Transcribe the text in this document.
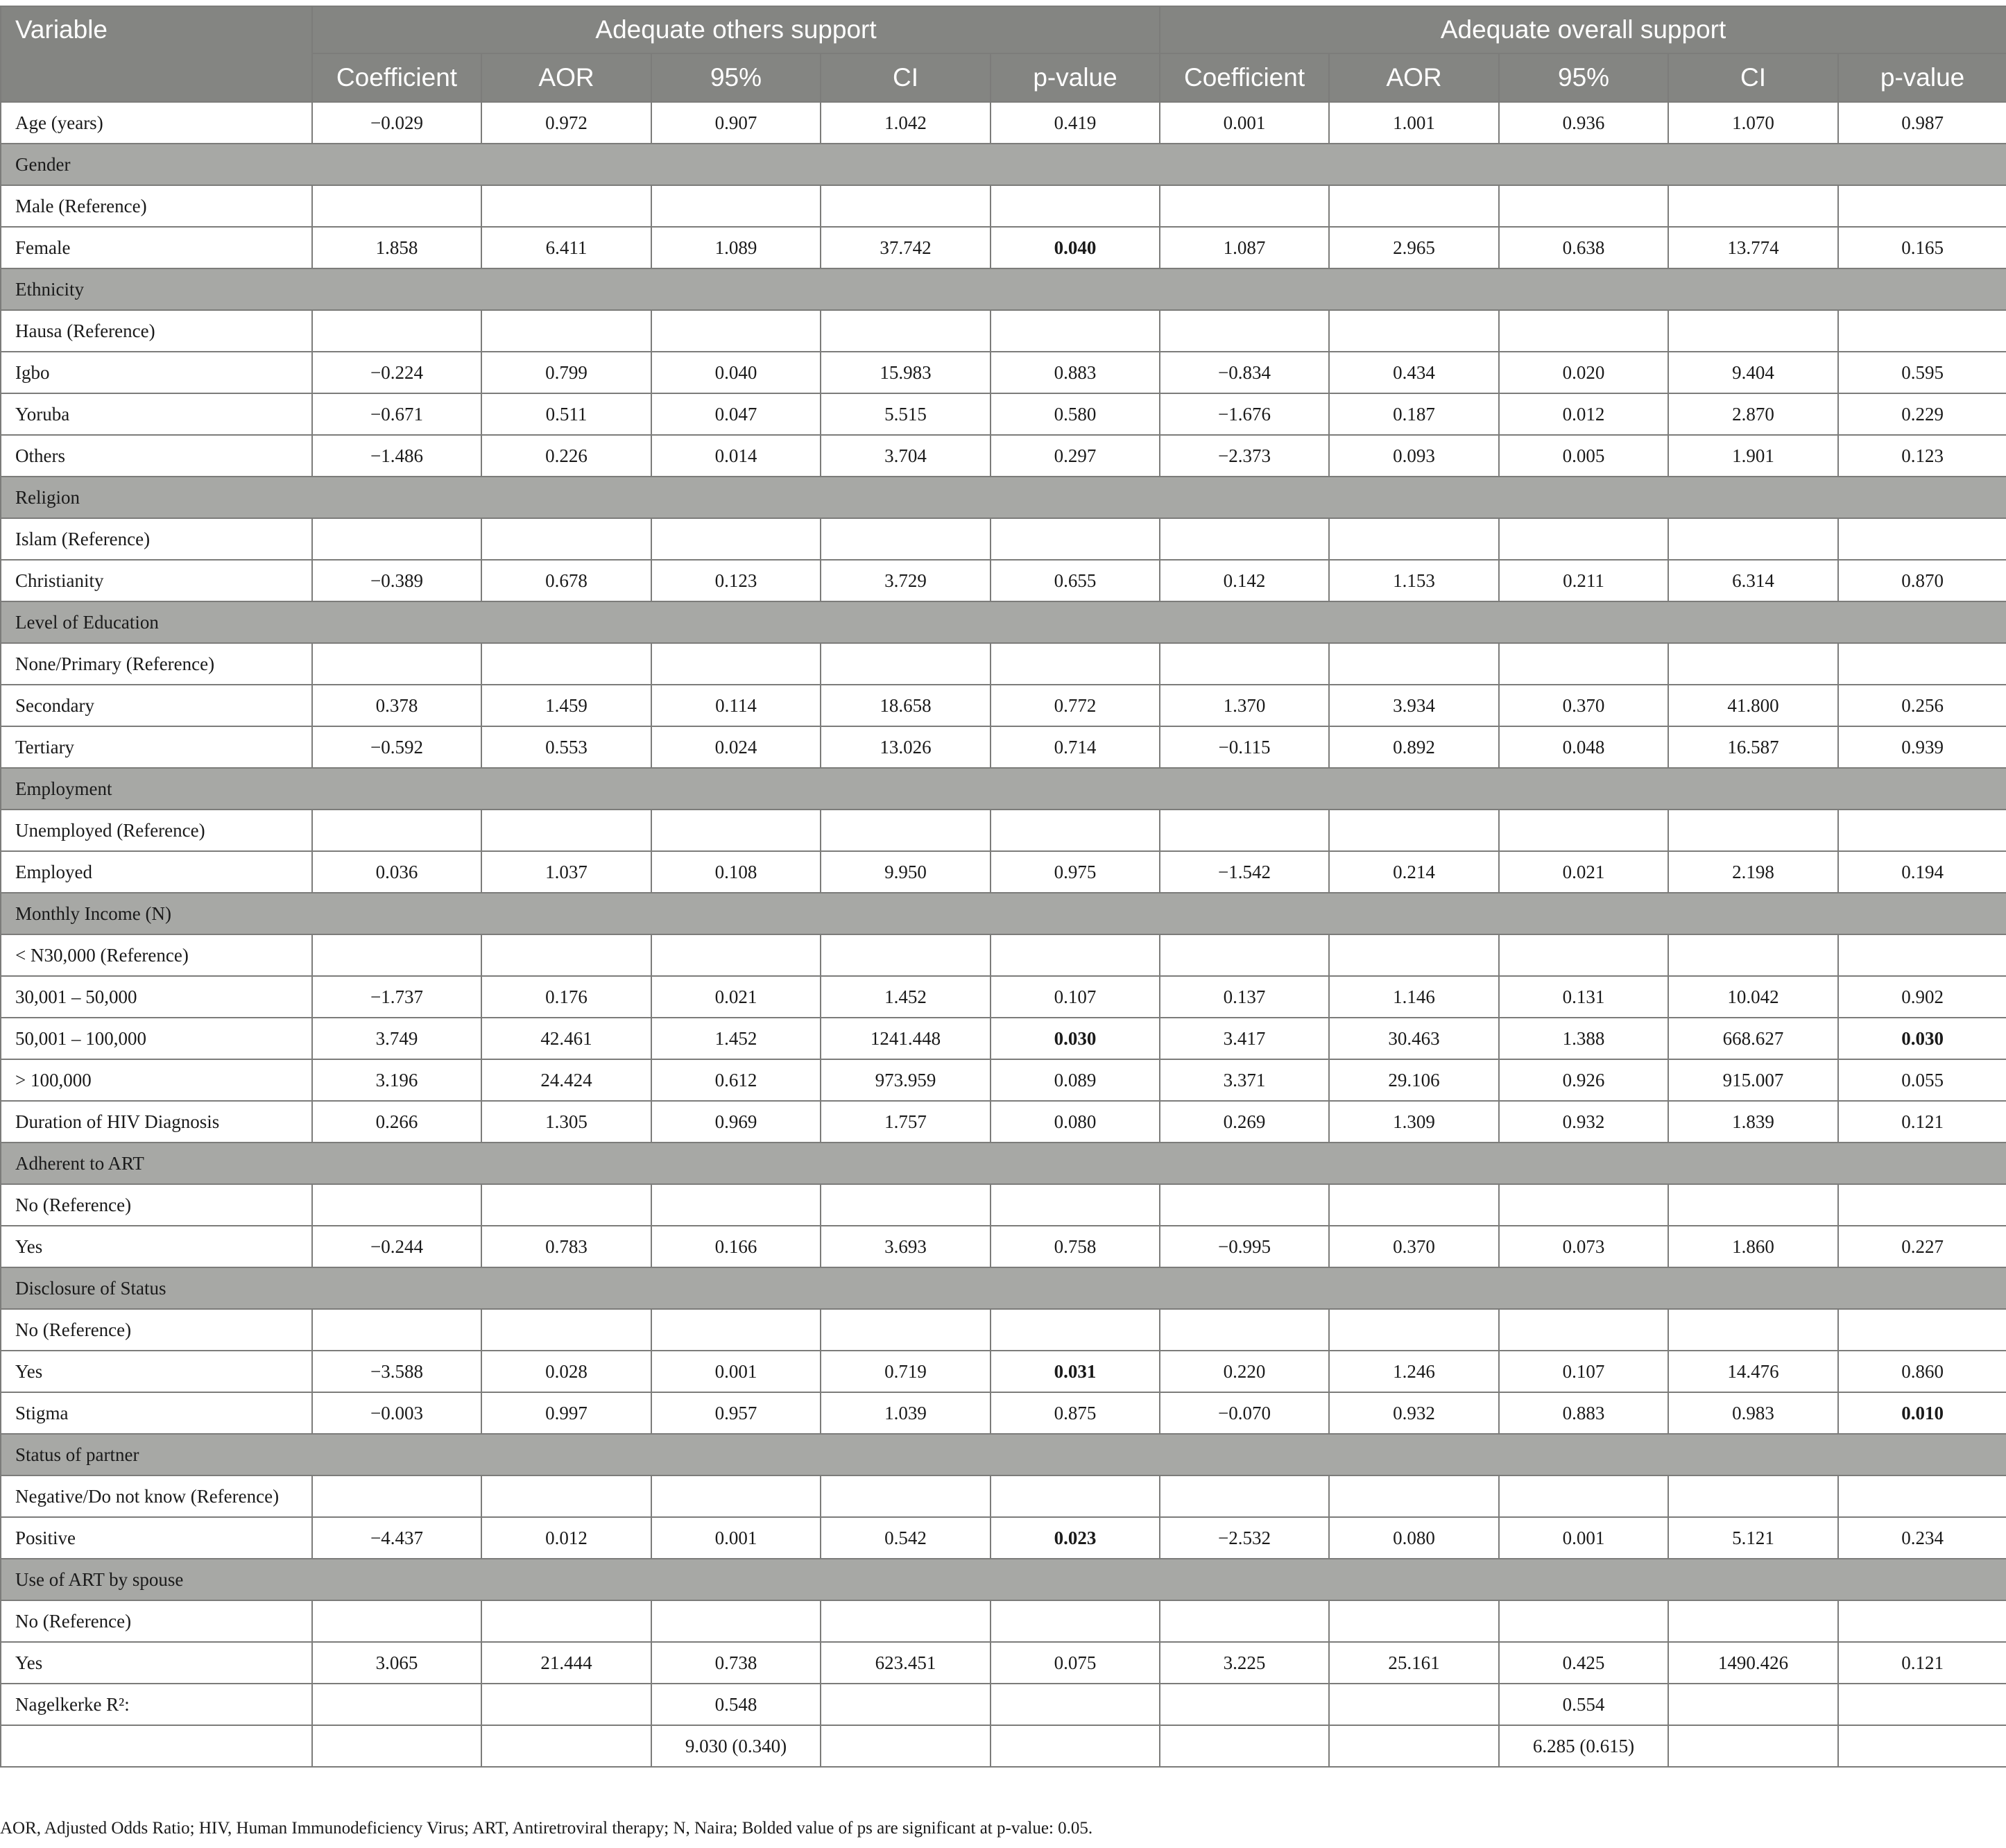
Variable	Adequate others support					Adequate overall support				
	Coefficient	AOR	95%	CI	p-value	Coefficient	AOR	95%	CI	p-value
Age (years)	−0.029	0.972	0.907	1.042	0.419	0.001	1.001	0.936	1.070	0.987
Gender										
Male (Reference)										
Female	1.858	6.411	1.089	37.742	0.040	1.087	2.965	0.638	13.774	0.165
Ethnicity										
Hausa (Reference)										
Igbo	−0.224	0.799	0.040	15.983	0.883	−0.834	0.434	0.020	9.404	0.595
Yoruba	−0.671	0.511	0.047	5.515	0.580	−1.676	0.187	0.012	2.870	0.229
Others	−1.486	0.226	0.014	3.704	0.297	−2.373	0.093	0.005	1.901	0.123
Religion										
Islam (Reference)										
Christianity	−0.389	0.678	0.123	3.729	0.655	0.142	1.153	0.211	6.314	0.870
Level of Education										
None/Primary (Reference)										
Secondary	0.378	1.459	0.114	18.658	0.772	1.370	3.934	0.370	41.800	0.256
Tertiary	−0.592	0.553	0.024	13.026	0.714	−0.115	0.892	0.048	16.587	0.939
Employment										
Unemployed (Reference)										
Employed	0.036	1.037	0.108	9.950	0.975	−1.542	0.214	0.021	2.198	0.194
Monthly Income (N)										
< N30,000 (Reference)										
30,001 – 50,000	−1.737	0.176	0.021	1.452	0.107	0.137	1.146	0.131	10.042	0.902
50,001 – 100,000	3.749	42.461	1.452	1241.448	0.030	3.417	30.463	1.388	668.627	0.030
> 100,000	3.196	24.424	0.612	973.959	0.089	3.371	29.106	0.926	915.007	0.055
Duration of HIV Diagnosis	0.266	1.305	0.969	1.757	0.080	0.269	1.309	0.932	1.839	0.121
Adherent to ART										
No (Reference)										
Yes	−0.244	0.783	0.166	3.693	0.758	−0.995	0.370	0.073	1.860	0.227
Disclosure of Status										
No (Reference)										
Yes	−3.588	0.028	0.001	0.719	0.031	0.220	1.246	0.107	14.476	0.860
Stigma	−0.003	0.997	0.957	1.039	0.875	−0.070	0.932	0.883	0.983	0.010
Status of partner										
Negative/Do not know (Reference)										
Positive	−4.437	0.012	0.001	0.542	0.023	−2.532	0.080	0.001	5.121	0.234
Use of ART by spouse										
No (Reference)										
Yes	3.065	21.444	0.738	623.451	0.075	3.225	25.161	0.425	1490.426	0.121
Nagelkerke R²:			0.548					0.554		
			9.030 (0.340)					6.285 (0.615)		
AOR, Adjusted Odds Ratio; HIV, Human Immunodeficiency Virus; ART, Antiretroviral therapy; N, Naira; Bolded value of ps are significant at p-value: 0.05.
